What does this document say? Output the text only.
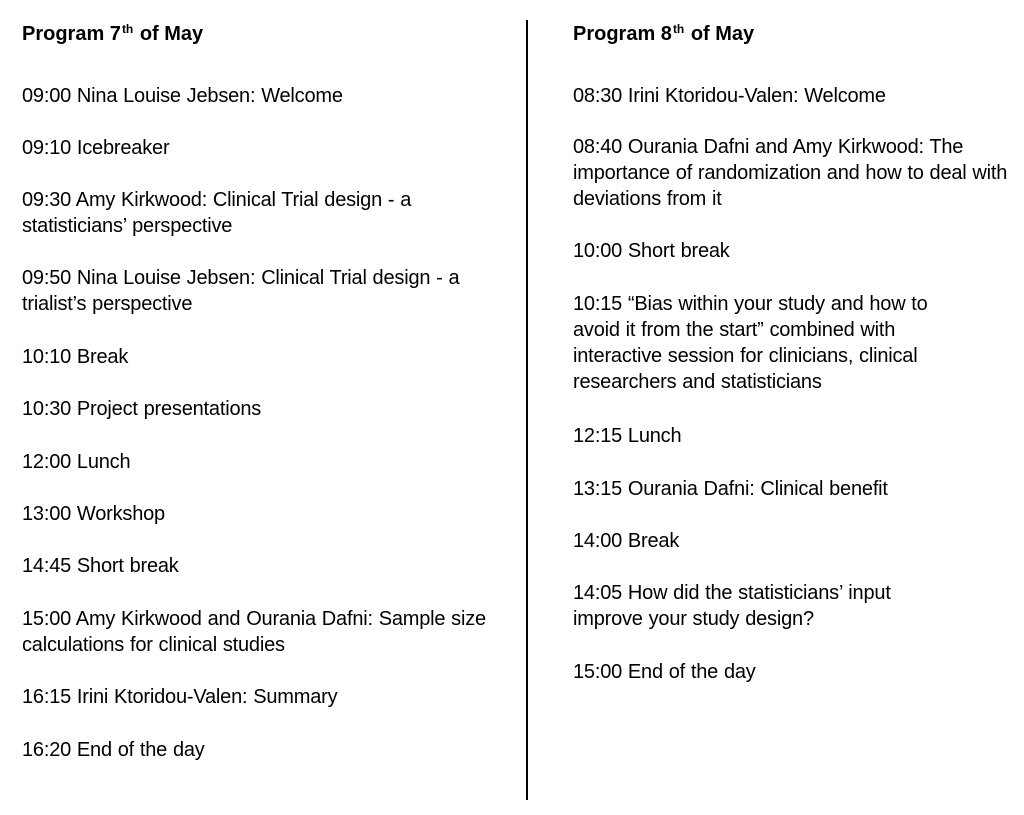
Program 7th of May
09:00 Nina Louise Jebsen: Welcome
09:10 Icebreaker
09:30 Amy Kirkwood: Clinical Trial design - a statisticians’ perspective
09:50 Nina Louise Jebsen: Clinical Trial design - a trialist’s perspective
10:10 Break
10:30 Project presentations
12:00 Lunch
13:00 Workshop
14:45 Short break
15:00 Amy Kirkwood and Ourania Dafni: Sample size calculations for clinical studies
16:15 Irini Ktoridou-Valen: Summary
16:20 End of the day
Program 8th of May
08:30 Irini Ktoridou-Valen: Welcome
08:40 Ourania Dafni and Amy Kirkwood: The importance of randomization and how to deal with deviations from it
10:00 Short break
10:15 “Bias within your study and how to avoid it from the start” combined with interactive session for clinicians, clinical researchers and statisticians
12:15 Lunch
13:15 Ourania Dafni: Clinical benefit
14:00 Break
14:05 How did the statisticians’ input improve your study design?
15:00 End of the day
